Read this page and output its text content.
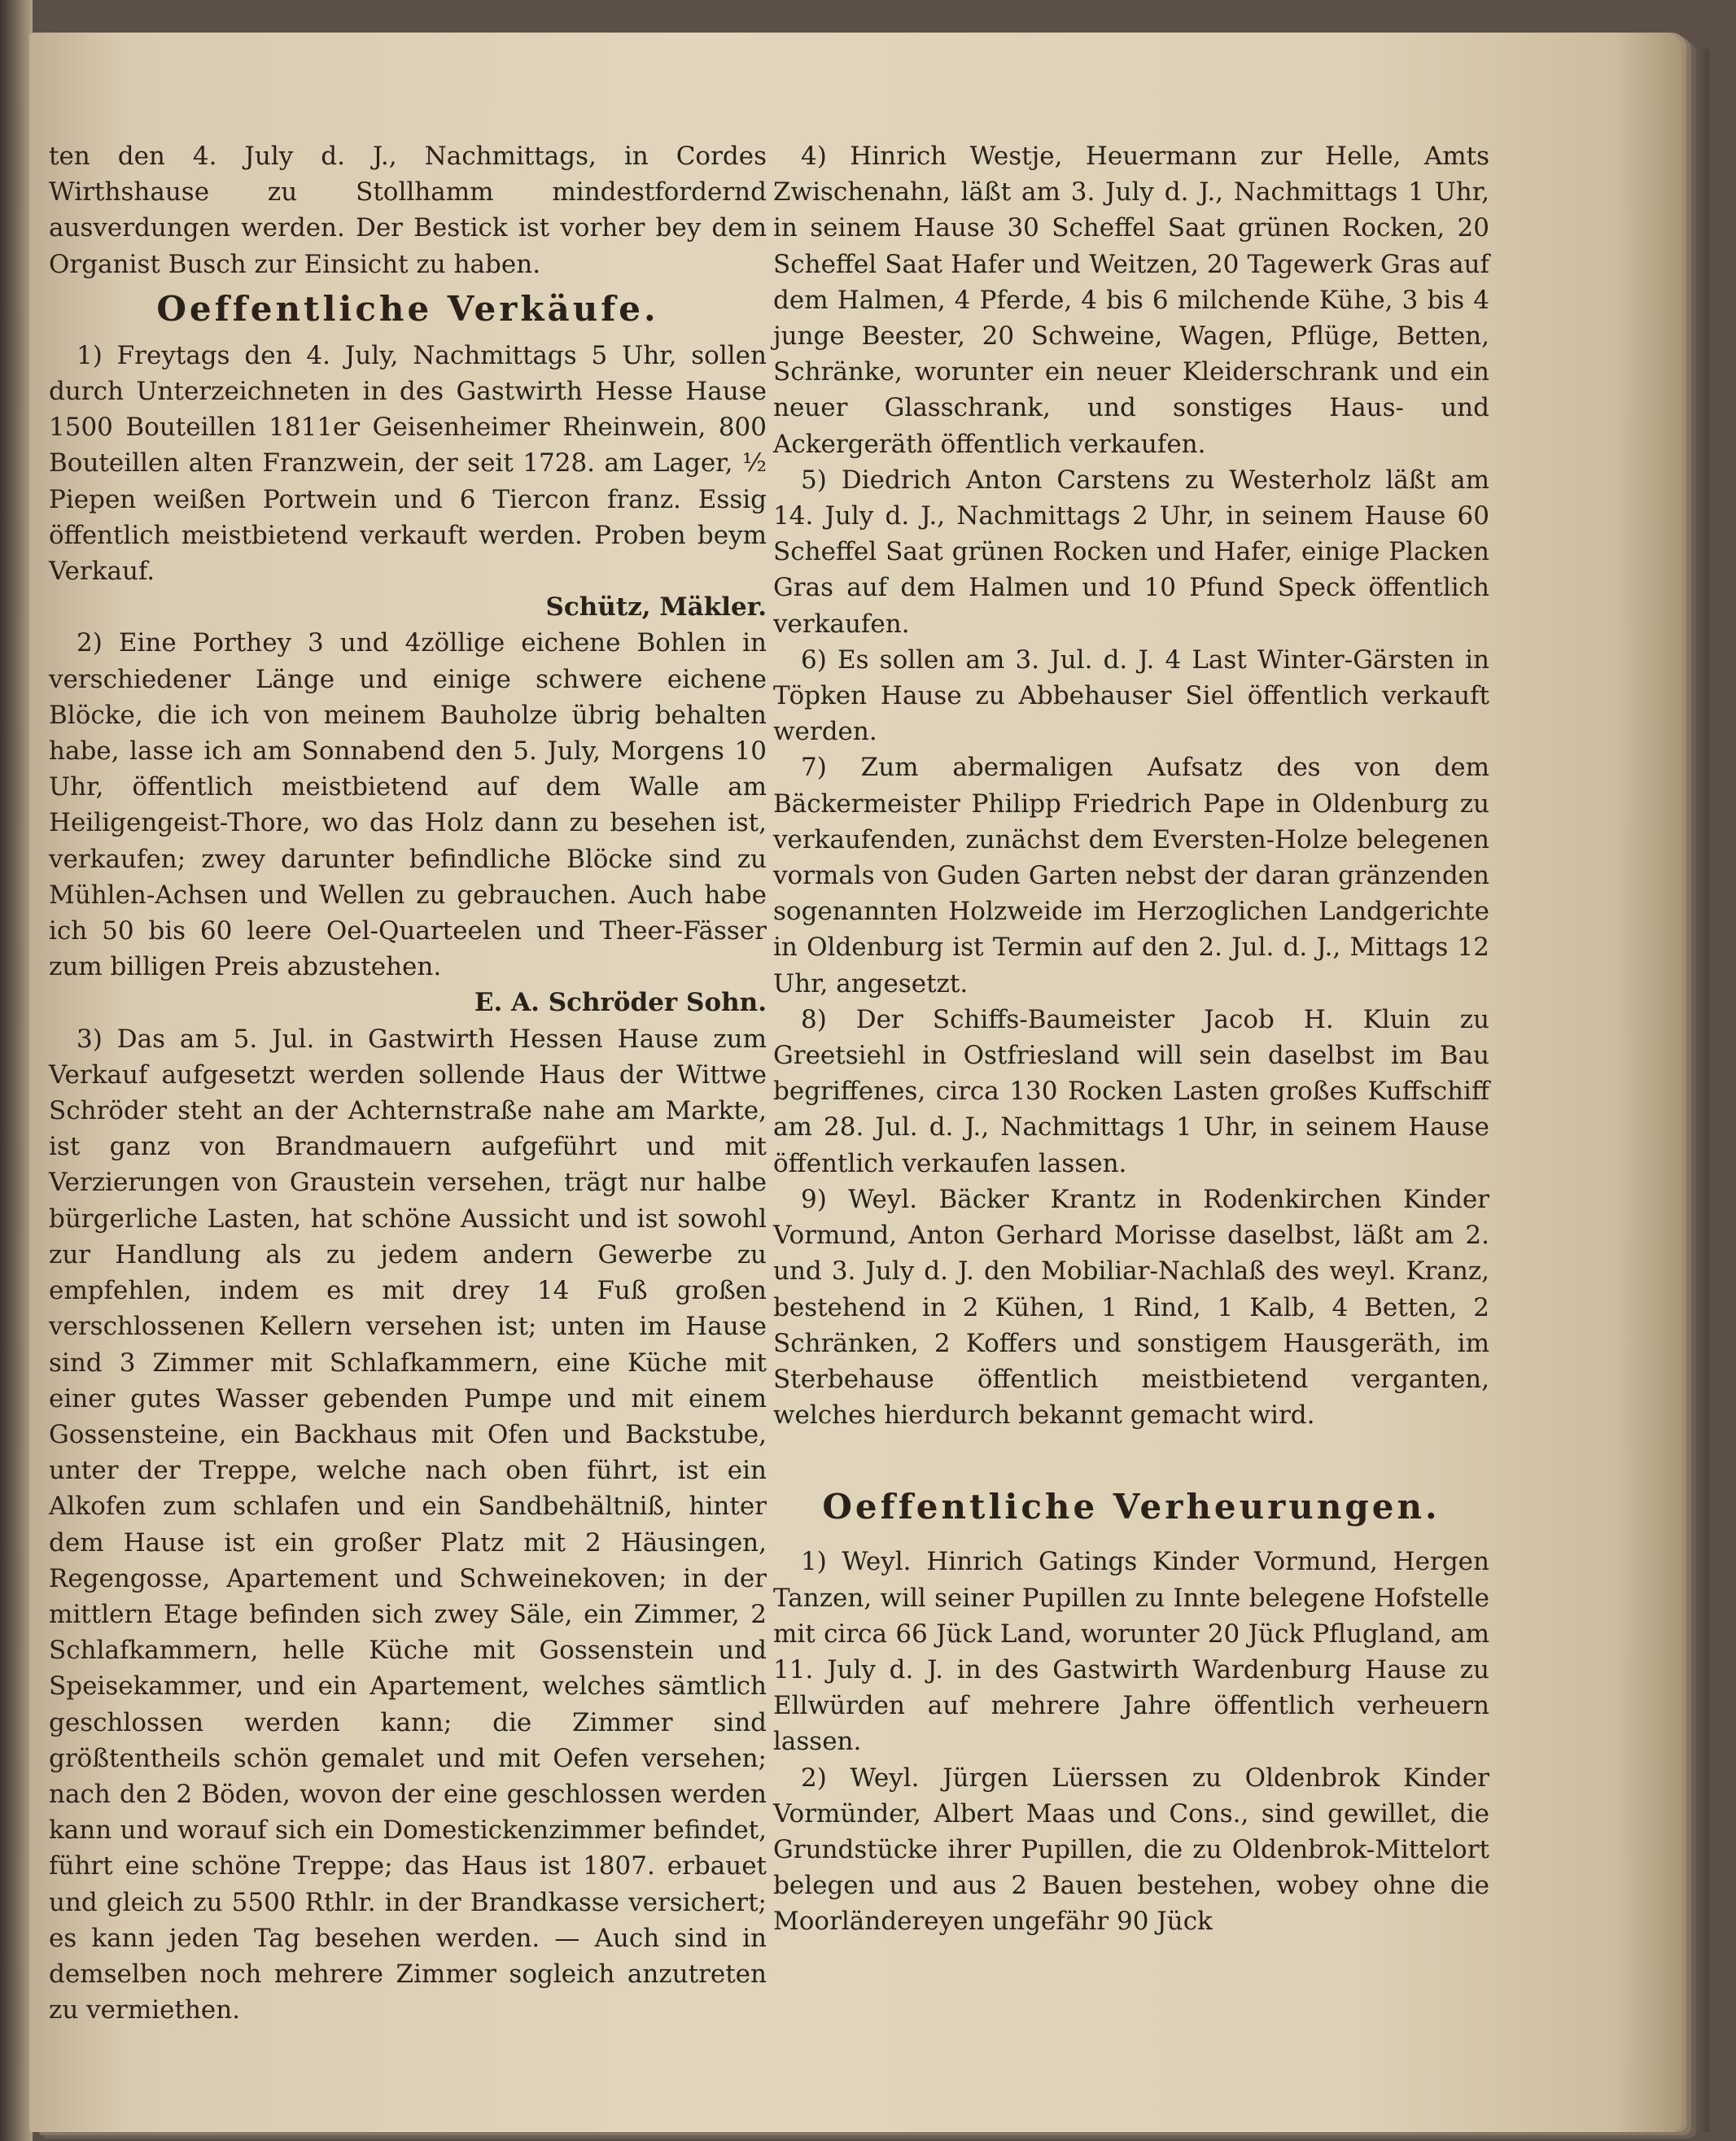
ten den 4. July d. J., Nachmittags, in Cordes Wirthshause zu Stollhamm mindestfordernd ausverdungen werden. Der Bestick ist vorher bey dem Organist Busch zur Einsicht zu haben.

Oeffentliche Verkäufe.

1) Freytags den 4. July, Nachmittags 5 Uhr, sollen durch Unterzeichneten in des Gastwirth Hesse Hause 1500 Bouteillen 1811er Geisenheimer Rheinwein, 800 Bouteillen alten Franzwein, der seit 1728. am Lager, ½ Piepen weißen Portwein und 6 Tiercon franz. Essig öffentlich meistbietend verkauft werden. Proben beym Verkauf.

Schütz, Mäkler.

2) Eine Porthey 3 und 4zöllige eichene Bohlen in verschiedener Länge und einige schwere eichene Blöcke, die ich von meinem Bauholze übrig behalten habe, lasse ich am Sonnabend den 5. July, Morgens 10 Uhr, öffentlich meistbietend auf dem Walle am Heiligengeist-Thore, wo das Holz dann zu besehen ist, verkaufen; zwey darunter befindliche Blöcke sind zu Mühlen-Achsen und Wellen zu gebrauchen. Auch habe ich 50 bis 60 leere Oel-Quarteelen und Theer-Fässer zum billigen Preis abzustehen.

E. A. Schröder Sohn.

3) Das am 5. Jul. in Gastwirth Hessen Hause zum Verkauf aufgesetzt werden sollende Haus der Wittwe Schröder steht an der Achternstraße nahe am Markte, ist ganz von Brandmauern aufgeführt und mit Verzierungen von Graustein versehen, trägt nur halbe bürgerliche Lasten, hat schöne Aussicht und ist sowohl zur Handlung als zu jedem andern Gewerbe zu empfehlen, indem es mit drey 14 Fuß großen verschlossenen Kellern versehen ist; unten im Hause sind 3 Zimmer mit Schlafkammern, eine Küche mit einer gutes Wasser gebenden Pumpe und mit einem Gossensteine, ein Backhaus mit Ofen und Backstube, unter der Treppe, welche nach oben führt, ist ein Alkofen zum schlafen und ein Sandbehältniß, hinter dem Hause ist ein großer Platz mit 2 Häusingen, Regengosse, Apartement und Schweinekoven; in der mittlern Etage befinden sich zwey Säle, ein Zimmer, 2 Schlafkammern, helle Küche mit Gossenstein und Speisekammer, und ein Apartement, welches sämtlich geschlossen werden kann; die Zimmer sind größtentheils schön gemalet und mit Oefen versehen; nach den 2 Böden, wovon der eine geschlossen werden kann und worauf sich ein Domestickenzimmer befindet, führt eine schöne Treppe; das Haus ist 1807. erbauet und gleich zu 5500 Rthlr. in der Brandkasse versichert; es kann jeden Tag besehen werden. — Auch sind in demselben noch mehrere Zimmer sogleich anzutreten zu vermiethen.

4) Hinrich Westje, Heuermann zur Helle, Amts Zwischenahn, läßt am 3. July d. J., Nachmittags 1 Uhr, in seinem Hause 30 Scheffel Saat grünen Rocken, 20 Scheffel Saat Hafer und Weitzen, 20 Tagewerk Gras auf dem Halmen, 4 Pferde, 4 bis 6 milchende Kühe, 3 bis 4 junge Beester, 20 Schweine, Wagen, Pflüge, Betten, Schränke, worunter ein neuer Kleiderschrank und ein neuer Glasschrank, und sonstiges Haus- und Ackergeräth öffentlich verkaufen.

5) Diedrich Anton Carstens zu Westerholz läßt am 14. July d. J., Nachmittags 2 Uhr, in seinem Hause 60 Scheffel Saat grünen Rocken und Hafer, einige Placken Gras auf dem Halmen und 10 Pfund Speck öffentlich verkaufen.

6) Es sollen am 3. Jul. d. J. 4 Last Winter-Gärsten in Töpken Hause zu Abbehauser Siel öffentlich verkauft werden.

7) Zum abermaligen Aufsatz des von dem Bäckermeister Philipp Friedrich Pape in Oldenburg zu verkaufenden, zunächst dem Eversten-Holze belegenen vormals von Guden Garten nebst der daran gränzenden sogenannten Holzweide im Herzoglichen Landgerichte in Oldenburg ist Termin auf den 2. Jul. d. J., Mittags 12 Uhr, angesetzt.

8) Der Schiffs-Baumeister Jacob H. Kluin zu Greetsiehl in Ostfriesland will sein daselbst im Bau begriffenes, circa 130 Rocken Lasten großes Kuffschiff am 28. Jul. d. J., Nachmittags 1 Uhr, in seinem Hause öffentlich verkaufen lassen.

9) Weyl. Bäcker Krantz in Rodenkirchen Kinder Vormund, Anton Gerhard Morisse daselbst, läßt am 2. und 3. July d. J. den Mobiliar-Nachlaß des weyl. Kranz, bestehend in 2 Kühen, 1 Rind, 1 Kalb, 4 Betten, 2 Schränken, 2 Koffers und sonstigem Hausgeräth, im Sterbehause öffentlich meistbietend verganten, welches hierdurch bekannt gemacht wird.

Oeffentliche Verheurungen.

1) Weyl. Hinrich Gatings Kinder Vormund, Hergen Tanzen, will seiner Pupillen zu Innte belegene Hofstelle mit circa 66 Jück Land, worunter 20 Jück Pflugland, am 11. July d. J. in des Gastwirth Wardenburg Hause zu Ellwürden auf mehrere Jahre öffentlich verheuern lassen.

2) Weyl. Jürgen Lüerssen zu Oldenbrok Kinder Vormünder, Albert Maas und Cons., sind gewillet, die Grundstücke ihrer Pupillen, die zu Oldenbrok-Mittelort belegen und aus 2 Bauen bestehen, wobey ohne die Moorländereyen ungefähr 90 Jück
